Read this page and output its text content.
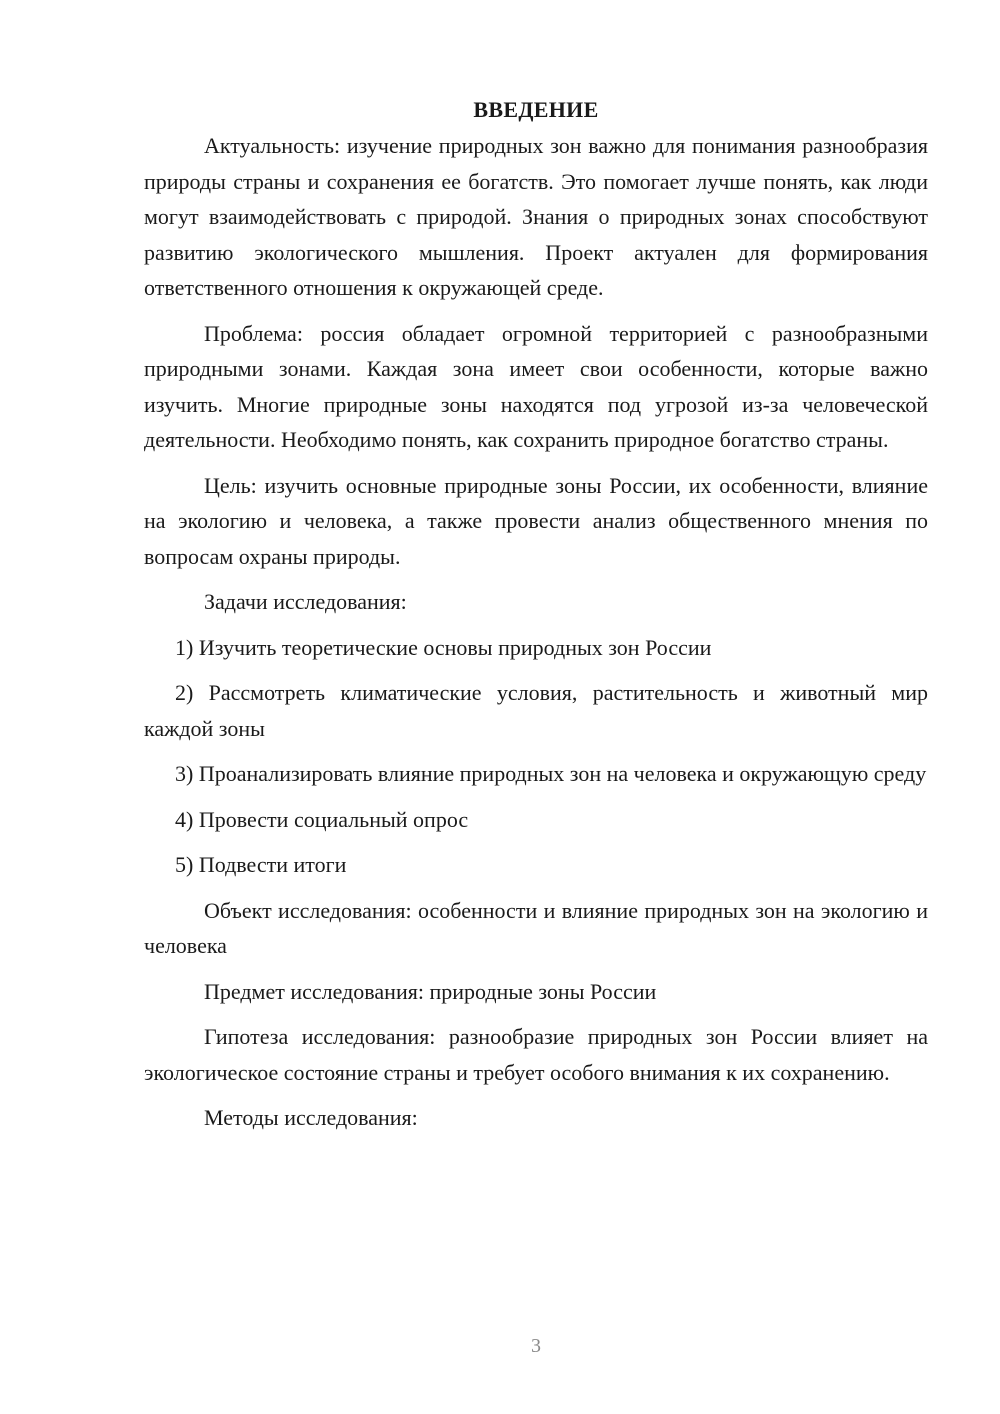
ВВЕДЕНИЕ

Актуальность: изучение природных зон важно для понимания разнообразия природы страны и сохранения ее богатств. Это помогает лучше понять, как люди могут взаимодействовать с природой. Знания о природных зонах способствуют развитию экологического мышления. Проект актуален для формирования ответственного отношения к окружающей среде.

Проблема: россия обладает огромной территорией с разнообразными природными зонами. Каждая зона имеет свои особенности, которые важно изучить. Многие природные зоны находятся под угрозой из-за человеческой деятельности. Необходимо понять, как сохранить природное богатство страны.

Цель: изучить основные природные зоны России, их особенности, влияние на экологию и человека, а также провести анализ общественного мнения по вопросам охраны природы.

Задачи исследования:

1) Изучить теоретические основы природных зон России

2) Рассмотреть климатические условия, растительность и животный мир каждой зоны

3) Проанализировать влияние природных зон на человека и окружающую среду

4) Провести социальный опрос

5) Подвести итоги

Объект исследования: особенности и влияние природных зон на экологию и человека

Предмет исследования: природные зоны России

Гипотеза исследования: разнообразие природных зон России влияет на экологическое состояние страны и требует особого внимания к их сохранению.

Методы исследования:

3
